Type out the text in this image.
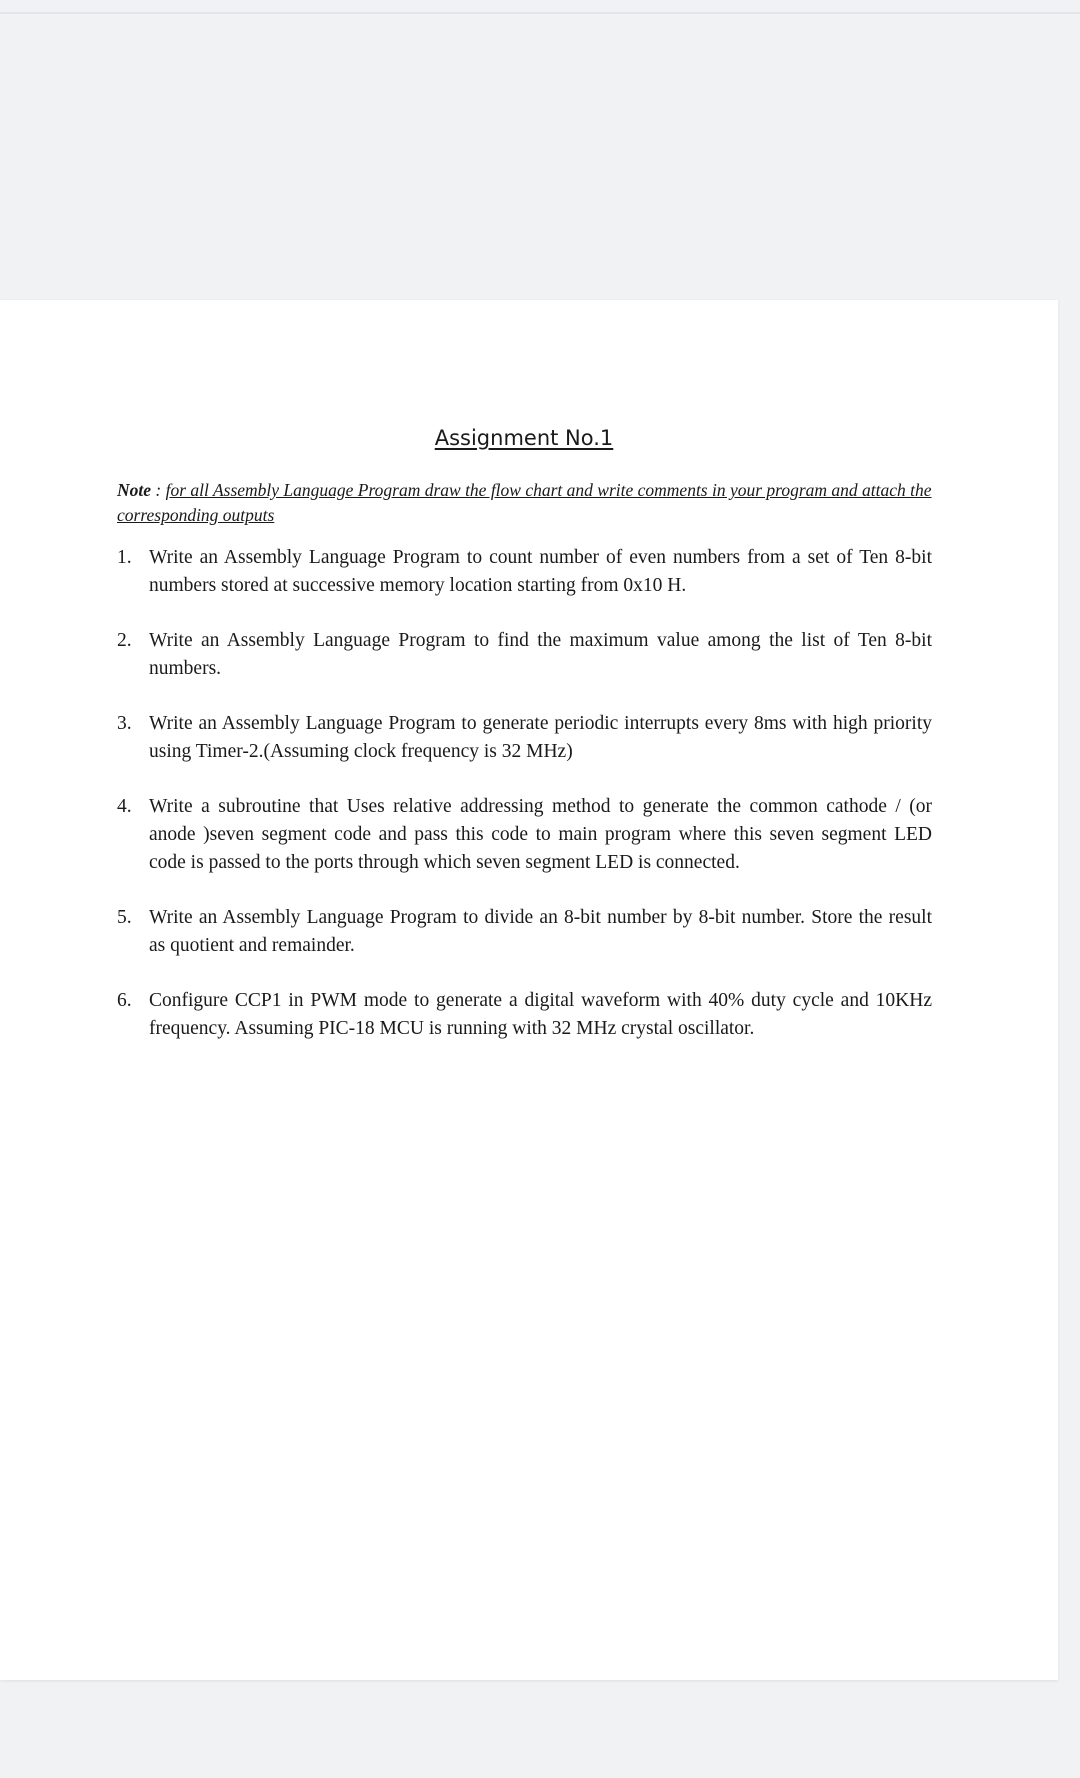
Assignment No.1
Note : for all Assembly Language Program draw the flow chart and write comments in your program and attach the corresponding outputs
1. Write an Assembly Language Program to count number of even numbers from a set of Ten 8-bit numbers stored at successive memory location starting from 0x10 H.
2. Write an Assembly Language Program to find the maximum value among the list of Ten 8-bit numbers.
3. Write an Assembly Language Program to generate periodic interrupts every 8ms with high priority using Timer-2.(Assuming clock frequency is 32 MHz)
4. Write a subroutine that Uses relative addressing method to generate the common cathode / (or anode )seven segment code and pass this code to main program where this seven segment LED code is passed to the ports through which seven segment LED is connected.
5. Write an Assembly Language Program to divide an 8-bit number by 8-bit number. Store the result as quotient and remainder.
6. Configure CCP1 in PWM mode to generate a digital waveform with 40% duty cycle and 10KHz frequency. Assuming PIC-18 MCU is running with 32 MHz crystal oscillator.
